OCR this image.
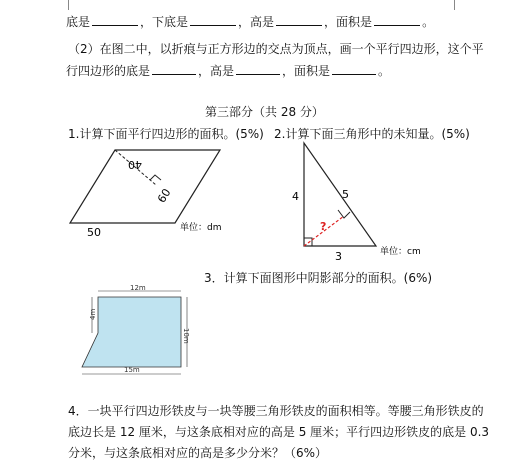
底是	，下底是	，高是	，面积是	。
（2）在图二中，以折痕与正方形边的交点为顶点，画一个平行四边形，这个平
行四边形的底是	，高是	，面积是	。
第三部分（共 28 分）
1.计算下面平行四边形的面积。(5%) 2.计算下面三角形中的未知量。(5%)
40
60
50	单位：dm	?
4	5
3	单位：cm
3．计算下面图形中阴影部分的面积。(6%)
12m
4m
10m
15m
4．一块平行四边形铁皮与一块等腰三角形铁皮的面积相等。等腰三角形铁皮的
底边长是 12 厘米，与这条底相对应的高是 5 厘米；平行四边形铁皮的底是 0.3
分米，与这条底相对应的高是多少分米？（6%）
